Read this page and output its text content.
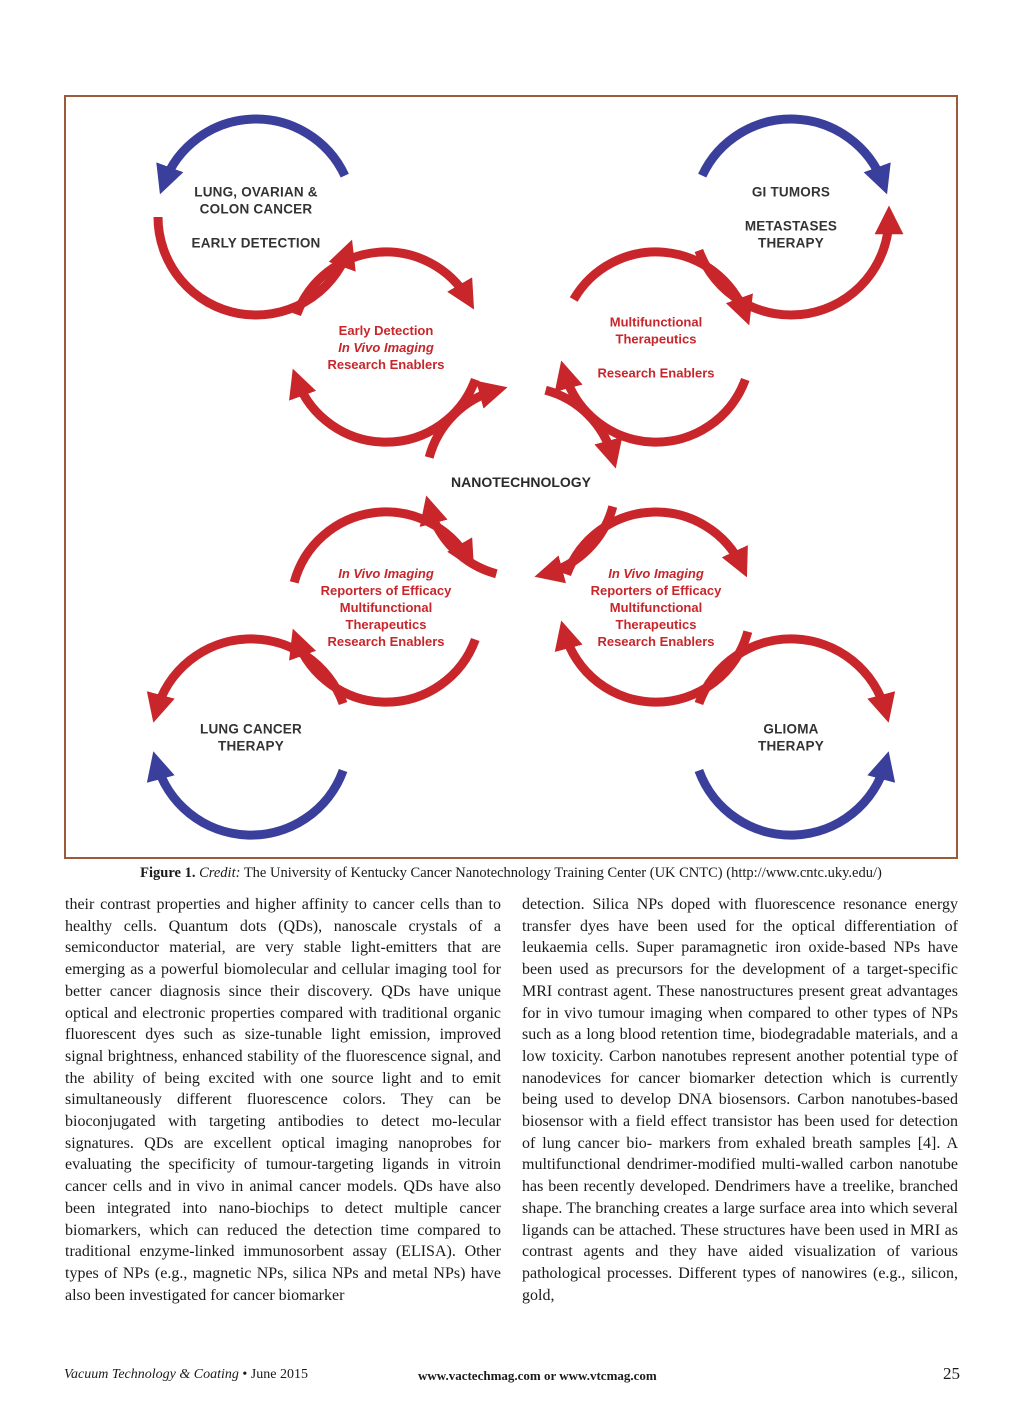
LUNG, OVARIAN &
COLON CANCER
EARLY DETECTION
GI TUMORS
METASTASES
THERAPY
LUNG CANCER
THERAPY
GLIOMA
THERAPY
Early Detection
In Vivo Imaging
Research Enablers
Multifunctional
Therapeutics
Research Enablers
In Vivo Imaging
Reporters of Efficacy
Multifunctional
Therapeutics
Research Enablers
In Vivo Imaging
Reporters of Efficacy
Multifunctional
Therapeutics
Research Enablers
NANOTECHNOLOGY
Figure 1. Credit: The University of Kentucky Cancer Nanotechnology Training Center (UK CNTC) (http://www.cntc.uky.edu/)
their contrast properties and higher affinity to cancer cells than to healthy cells. Quantum dots (QDs), nanoscale crystals of a semiconductor material, are very stable light-emitters that are emerging as a powerful biomolecular and cellular imaging tool for better cancer diagnosis since their discovery. QDs have unique optical and electronic properties compared with traditional organic fluorescent dyes such as size-tunable light emission, improved signal brightness, enhanced stability of the fluorescence signal, and the ability of being excited with one source light and to emit simultaneously different fluorescence colors. They can be bioconjugated with targeting antibodies to detect mo-lecular signatures. QDs are excellent optical imaging nanoprobes for evaluating the specificity of tumour-targeting ligands in vitroin cancer cells and in vivo in animal cancer models. QDs have also been integrated into nano-biochips to detect multiple cancer biomarkers, which can reduced the detection time compared to traditional enzyme-linked immunosorbent assay (ELISA). Other types of NPs (e.g., magnetic NPs, silica NPs and metal NPs) have also been investigated for cancer biomarker
detection. Silica NPs doped with fluorescence resonance energy transfer dyes have been used for the optical differentiation of leukaemia cells. Super paramagnetic iron oxide-based NPs have been used as precursors for the development of a target-specific MRI contrast agent. These nanostructures present great advantages for in vivo tumour imaging when compared to other types of NPs such as a long blood retention time, biodegradable materials, and a low toxicity. Carbon nanotubes represent another potential type of nanodevices for cancer biomarker detection which is currently being used to develop DNA biosensors. Carbon nanotubes-based biosensor with a field effect transistor has been used for detection of lung cancer bio- markers from exhaled breath samples [4]. A multifunctional dendrimer-modified multi-walled carbon nanotube has been recently developed. Dendrimers have a treelike, branched shape. The branching creates a large surface area into which several ligands can be attached. These structures have been used in MRI as contrast agents and they have aided visualization of various pathological processes. Different types of nanowires (e.g., silicon, gold,
Vacuum Technology & Coating • June 2015	www.vactechmag.com or www.vtcmag.com	25
